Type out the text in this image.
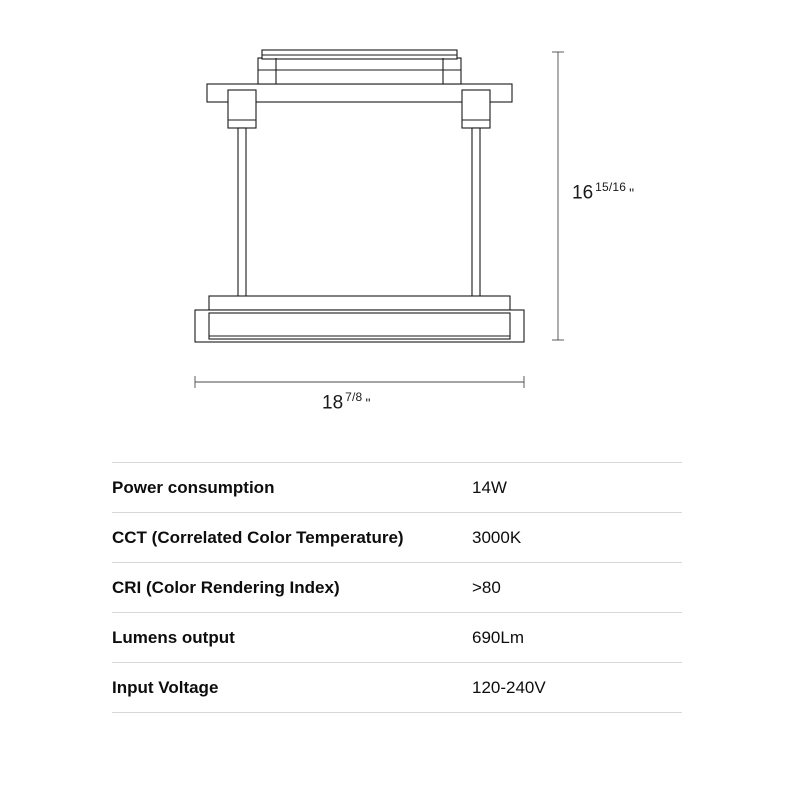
16 $^{15/16}$ "
18 $^{7/8}$ "
Power consumption	14W
CCT (Correlated Color Temperature)	3000K
CRI (Color Rendering Index)	>80
Lumens output	690Lm
Input Voltage	120-240V
